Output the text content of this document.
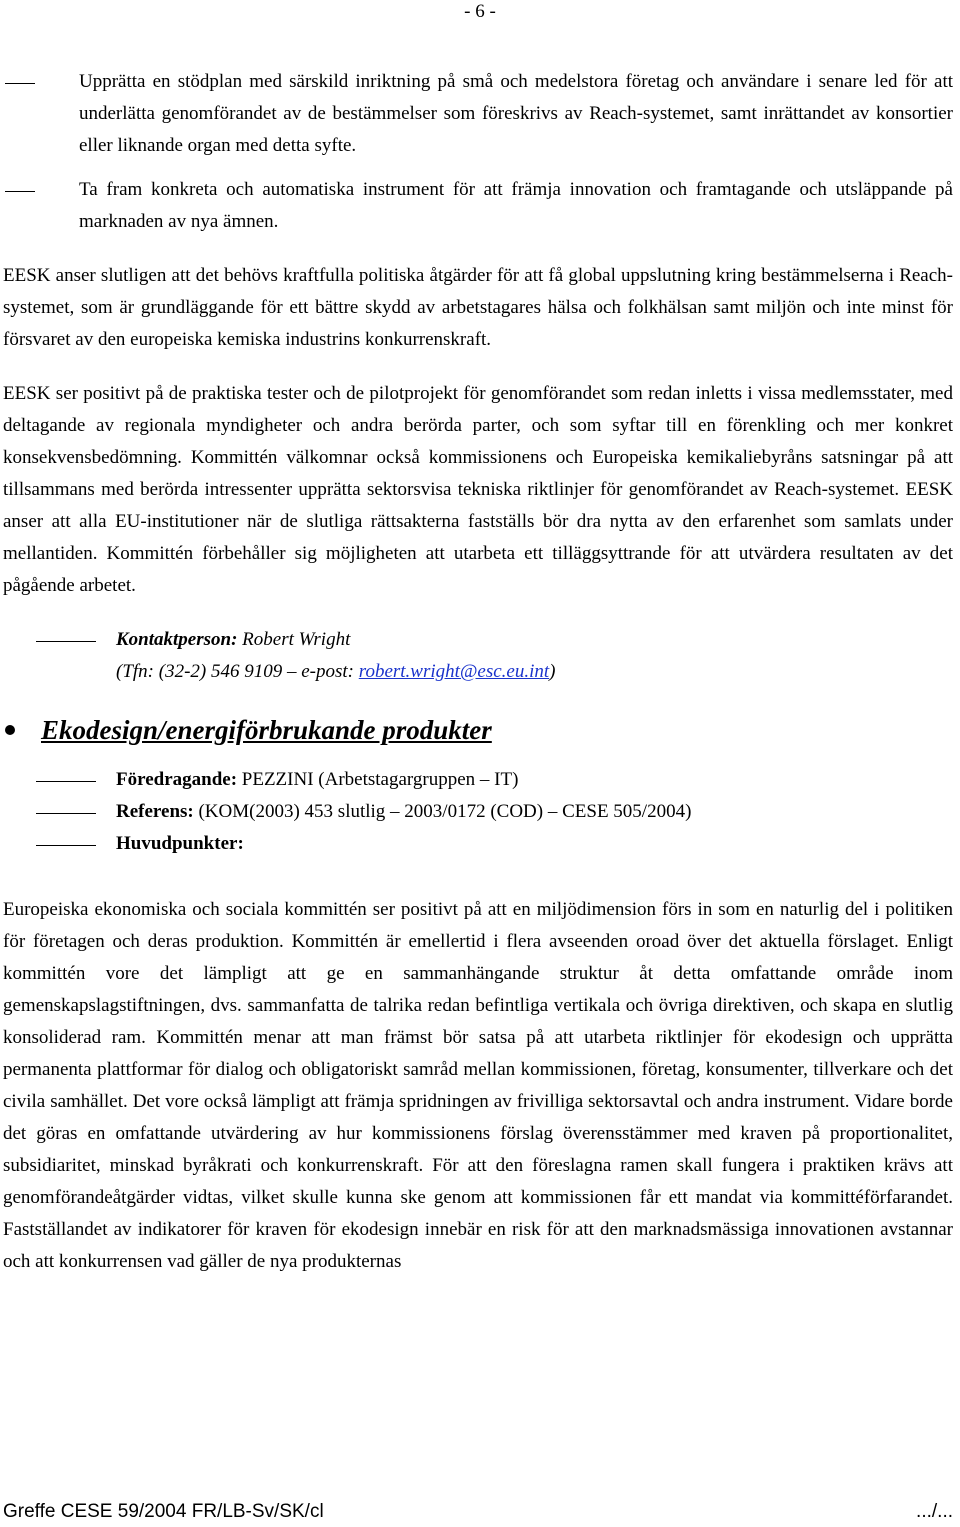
- 6 -

Upprätta en stödplan med särskild inriktning på små och medelstora företag och användare i senare led för att underlätta genomförandet av de bestämmelser som föreskrivs av Reach-systemet, samt inrättandet av konsortier eller liknande organ med detta syfte.

Ta fram konkreta och automatiska instrument för att främja innovation och framtagande och utsläppande på marknaden av nya ämnen.

EESK anser slutligen att det behövs kraftfulla politiska åtgärder för att få global uppslutning kring bestämmelserna i Reach-systemet, som är grundläggande för ett bättre skydd av arbetstagares hälsa och folkhälsan samt miljön och inte minst för försvaret av den europeiska kemiska industrins konkurrenskraft.

EESK ser positivt på de praktiska tester och de pilotprojekt för genomförandet som redan inletts i vissa medlemsstater, med deltagande av regionala myndigheter och andra berörda parter, och som syftar till en förenkling och mer konkret konsekvensbedömning. Kommittén välkomnar också kommissionens och Europeiska kemikaliebyråns satsningar på att tillsammans med berörda intressenter upprätta sektorsvisa tekniska riktlinjer för genomförandet av Reach-systemet. EESK anser att alla EU-institutioner när de slutliga rättsakterna fastställs bör dra nytta av den erfarenhet som samlats under mellantiden. Kommittén förbehåller sig möjligheten att utarbeta ett tilläggsyttrande för att utvärdera resultaten av det pågående arbetet.

Kontaktperson: Robert Wright
(Tfn: (32-2) 546 9109 – e-post: robert.wright@esc.eu.int)

Ekodesign/energiförbrukande produkter

Föredragande: PEZZINI (Arbetstagargruppen – IT)

Referens: (KOM(2003) 453 slutlig – 2003/0172 (COD) – CESE 505/2004)

Huvudpunkter:

Europeiska ekonomiska och sociala kommittén ser positivt på att en miljödimension förs in som en naturlig del i politiken för företagen och deras produktion. Kommittén är emellertid i flera avseenden oroad över det aktuella förslaget. Enligt kommittén vore det lämpligt att ge en sammanhängande struktur åt detta omfattande område inom gemenskapslagstiftningen, dvs. sammanfatta de talrika redan befintliga vertikala och övriga direktiven, och skapa en slutlig konsoliderad ram. Kommittén menar att man främst bör satsa på att utarbeta riktlinjer för ekodesign och upprätta permanenta plattformar för dialog och obligatoriskt samråd mellan kommissionen, företag, konsumenter, tillverkare och det civila samhället. Det vore också lämpligt att främja spridningen av frivilliga sektorsavtal och andra instrument. Vidare borde det göras en omfattande utvärdering av hur kommissionens förslag överensstämmer med kraven på proportionalitet, subsidiaritet, minskad byråkrati och konkurrenskraft. För att den föreslagna ramen skall fungera i praktiken krävs att genomförandeåtgärder vidtas, vilket skulle kunna ske genom att kommissionen får ett mandat via kommittéförfarandet. Fastställandet av indikatorer för kraven för ekodesign innebär en risk för att den marknadsmässiga innovationen avstannar och att konkurrensen vad gäller de nya produkternas

Greffe CESE 59/2004 FR/LB-Sv/SK/cl	.../...
